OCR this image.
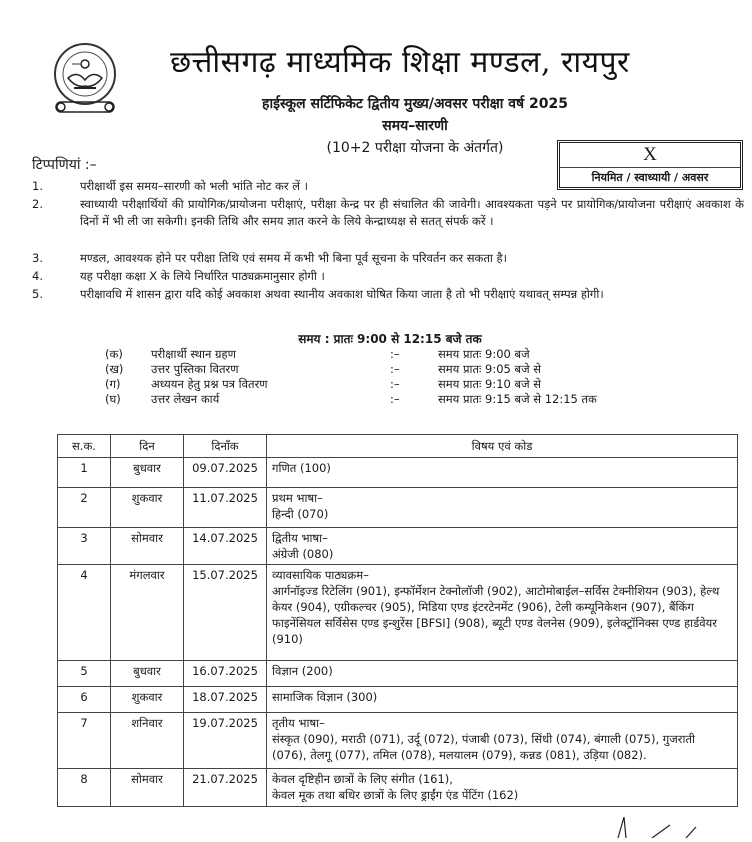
छत्तीसगढ़ माध्यमिक शिक्षा मण्डल, रायपुर
हाईस्कूल सर्टिफिकेट द्वितीय मुख्य/अवसर परीक्षा वर्ष 2025
समय–सारणी
(10+2 परीक्षा योजना के अंतर्गत)	X
नियमित / स्वाध्यायी / अवसर
टिप्पणियां :–
1.	परीक्षार्थी इस समय–सारणी को भली भांति नोट कर लें ।
2.	स्वाध्यायी परीक्षार्थियों की प्रायोगिक/प्रायोजना परीक्षाएं, परीक्षा केन्द्र पर ही संचालित की जावेगी। आवश्यकता पड़ने पर प्रायोगिक/प्रायोजना परीक्षाएं अवकाश के दिनों में भी ली जा सकेगी। इनकी तिथि और समय ज्ञात करने के लिये केन्द्राध्यक्ष से सतत् संपर्क करें ।
3.	मण्डल, आवश्यक होने पर परीक्षा तिथि एवं समय में कभी भी बिना पूर्व सूचना के परिवर्तन कर सकता है।
4.	यह परीक्षा कक्षा X के लिये निर्धारित पाठ्यक्रमानुसार होगी ।
5.	परीक्षावधि में शासन द्वारा यदि कोई अवकाश अथवा स्थानीय अवकाश घोषित किया जाता है तो भी परीक्षाएं यथावत् सम्पन्न होगी।
समय : प्रातः 9:00 से 12:15 बजे तक
(क) परीक्षार्थी स्थान ग्रहण	:–	समय प्रातः 9:00 बजे
(ख) उत्तर पुस्तिका वितरण	:–	समय प्रातः 9:05 बजे से
(ग)	अध्ययन हेतु प्रश्न पत्र वितरण	:–	समय प्रातः 9:10 बजे से
(घ)	उत्तर लेखन कार्य	:–	समय प्रातः 9:15 बजे से 12:15 तक
स.क.	दिन	दिनाँक	विषय एवं कोड
1	बुधवार	09.07.2025	गणित (100)
2	शुकवार	11.07.2025	प्रथम भाषा–
हिन्दी (070)
3	सोमवार	14.07.2025	द्वितीय भाषा–
अंग्रेजी (080)
4	मंगलवार	15.07.2025	व्यावसायिक पाठ्यक्रम–
आर्गनॉइज्ड रिटेलिंग (901), इन्फॉर्मेशन टेक्नोलॉजी (902), आटोमोबाईल–सर्विस टेक्नीशियन (903), हेल्थ केयर (904), एग्रीकल्चर (905), मिडिया एण्ड इंटरटेनमेंट (906), टेली कम्यूनिकेशन (907), बैंकिंग फाइनेंसियल सर्विसेस एण्ड इन्शुरेंस [BFSI] (908), ब्यूटी एण्ड वेलनेस (909), इलेक्ट्रॉनिक्स एण्ड हार्डवेयर (910)
5	बुधवार	16.07.2025	विज्ञान (200)
6	शुकवार	18.07.2025	सामाजिक विज्ञान (300)
7	शनिवार	19.07.2025	तृतीय भाषा–
संस्कृत (090), मराठी (071), उर्दू (072), पंजाबी (073), सिंधी (074), बंगाली (075), गुजराती (076), तेलगू (077), तमिल (078), मलयालम (079), कन्नड (081), उड़िया (082).
8	सोमवार	21.07.2025	केवल दृष्टिहीन छात्रों के लिए संगीत (161),
केवल मूक तथा बधिर छात्रों के लिए ड्राईंग एंड पेंटिंग (162)
